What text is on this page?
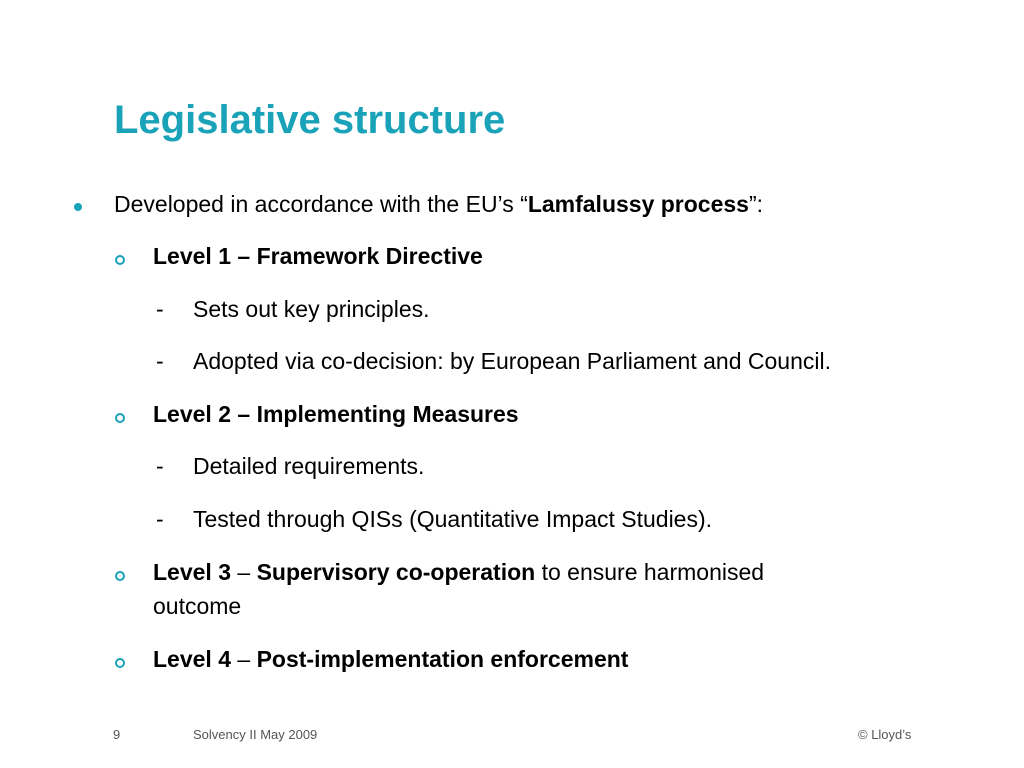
Legislative structure
Developed in accordance with the EU’s “Lamfalussy process”:
Level 1 – Framework Directive
- Sets out key principles.
- Adopted via co-decision: by European Parliament and Council.
Level 2 – Implementing Measures
- Detailed requirements.
- Tested through QISs (Quantitative Impact Studies).
Level 3 – Supervisory co-operation to ensure harmonised
outcome
Level 4 – Post-implementation enforcement
9	Solvency II May 2009	© Lloyd’s
